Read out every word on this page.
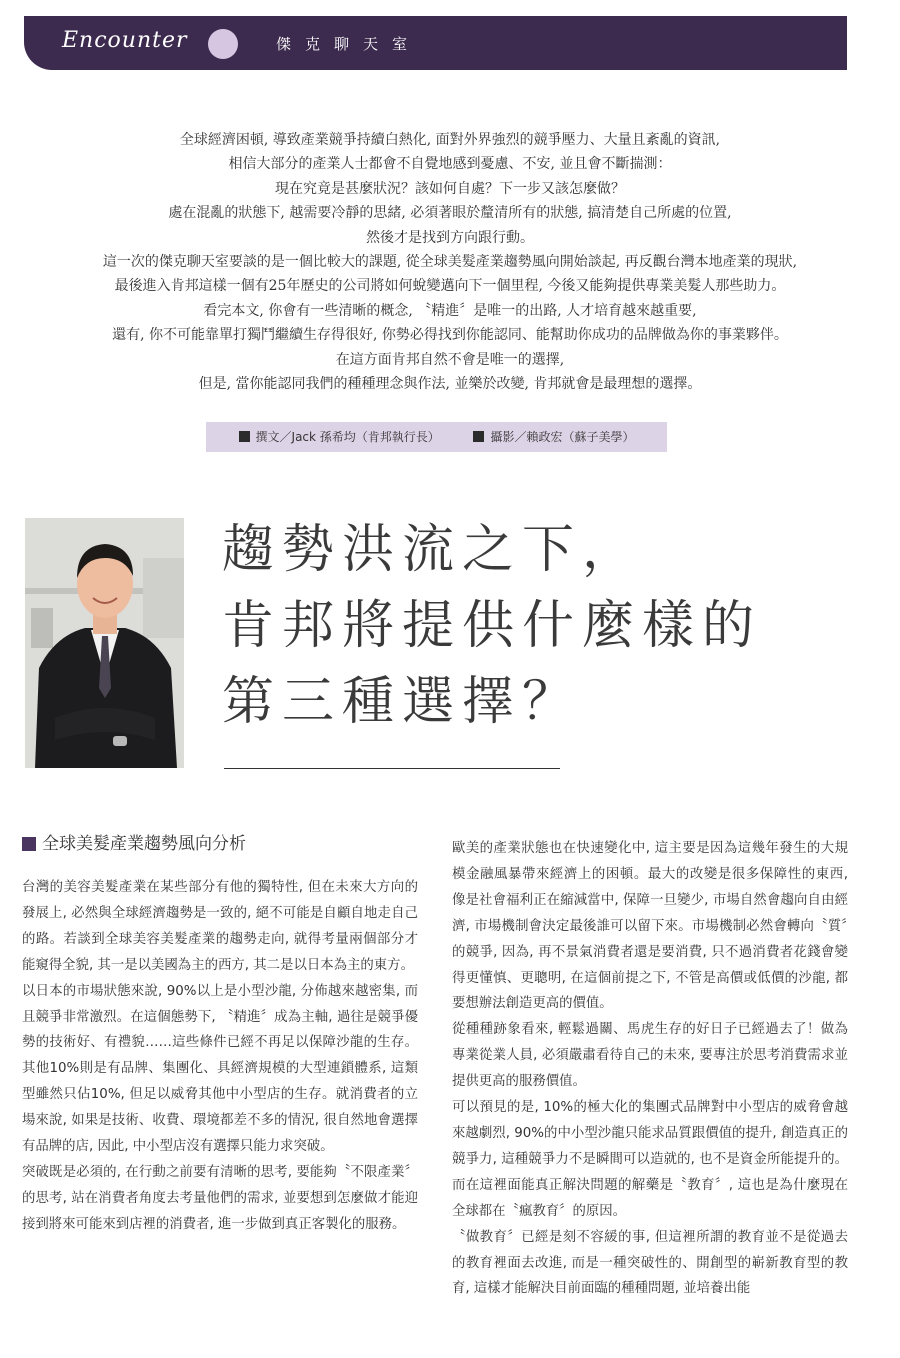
Encounter	傑克聊天室
全球經濟困頓, 導致產業競爭持續白熱化, 面對外界強烈的競爭壓力、大量且紊亂的資訊,
相信大部分的產業人士都會不自覺地感到憂慮、不安, 並且會不斷揣測：
現在究竟是甚麼狀況？該如何自處？下一步又該怎麼做？
處在混亂的狀態下, 越需要冷靜的思緒, 必須著眼於釐清所有的狀態, 搞清楚自己所處的位置,
然後才是找到方向跟行動。
這一次的傑克聊天室要談的是一個比較大的課題, 從全球美髮產業趨勢風向開始談起, 再反觀台灣本地產業的現狀,
最後進入肯邦這樣一個有25年歷史的公司將如何蛻變邁向下一個里程, 今後又能夠提供專業美髮人那些助力。
看完本文, 你會有一些清晰的概念, 〝精進〞是唯一的出路, 人才培育越來越重要,
還有, 你不可能靠單打獨鬥繼續生存得很好, 你勢必得找到你能認同、能幫助你成功的品牌做為你的事業夥伴。
在這方面肯邦自然不會是唯一的選擇,
但是, 當你能認同我們的種種理念與作法, 並樂於改變, 肯邦就會是最理想的選擇。
撰文／Jack 孫希均（肯邦執行長）	攝影／賴政宏（蘇子美學）
趨勢洪流之下，
肯邦將提供什麼樣的
第三種選擇？
全球美髮產業趨勢風向分析

台灣的美容美髮產業在某些部分有他的獨特性, 但在未來大方向的發展上, 必然與全球經濟趨勢是一致的, 絕不可能是自顧自地走自己的路。若談到全球美容美髮產業的趨勢走向, 就得考量兩個部分才能窺得全貌, 其一是以美國為主的西方, 其二是以日本為主的東方。

以日本的市場狀態來說, 90%以上是小型沙龍, 分佈越來越密集, 而且競爭非常激烈。在這個態勢下, 〝精進〞成為主軸, 過往是競爭優勢的技術好、有禮貌……這些條件已經不再足以保障沙龍的生存。其他10%則是有品牌、集團化、具經濟規模的大型連鎖體系, 這類型雖然只佔10%, 但足以威脅其他中小型店的生存。就消費者的立場來說, 如果是技術、收費、環境都差不多的情況, 很自然地會選擇有品牌的店, 因此, 中小型店沒有選擇只能力求突破。

突破既是必須的, 在行動之前要有清晰的思考, 要能夠〝不限產業〞的思考, 站在消費者角度去考量他們的需求, 並要想到怎麼做才能迎接到將來可能來到店裡的消費者, 進一步做到真正客製化的服務。

歐美的產業狀態也在快速變化中, 這主要是因為這幾年發生的大規模金融風暴帶來經濟上的困頓。最大的改變是很多保障性的東西, 像是社會福利正在縮減當中, 保障一旦變少, 市場自然會趨向自由經濟, 市場機制會決定最後誰可以留下來。市場機制必然會轉向〝質〞的競爭, 因為, 再不景氣消費者還是要消費, 只不過消費者花錢會變得更懂慎、更聰明, 在這個前提之下, 不管是高價或低價的沙龍, 都要想辦法創造更高的價值。

從種種跡象看來, 輕鬆過關、馬虎生存的好日子已經過去了！做為專業從業人員, 必須嚴肅看待自己的未來, 要專注於思考消費需求並提供更高的服務價值。

可以預見的是, 10%的極大化的集團式品牌對中小型店的威脅會越來越劇烈, 90%的中小型沙龍只能求品質跟價值的提升, 創造真正的競爭力, 這種競爭力不是瞬間可以造就的, 也不是資金所能提升的。而在這裡面能真正解決問題的解藥是〝教育〞, 這也是為什麼現在全球都在〝瘋教育〞的原因。

〝做教育〞已經是刻不容緩的事, 但這裡所謂的教育並不是從過去的教育裡面去改進, 而是一種突破性的、開創型的嶄新教育型的教育, 這樣才能解決目前面臨的種種問題, 並培養出能
